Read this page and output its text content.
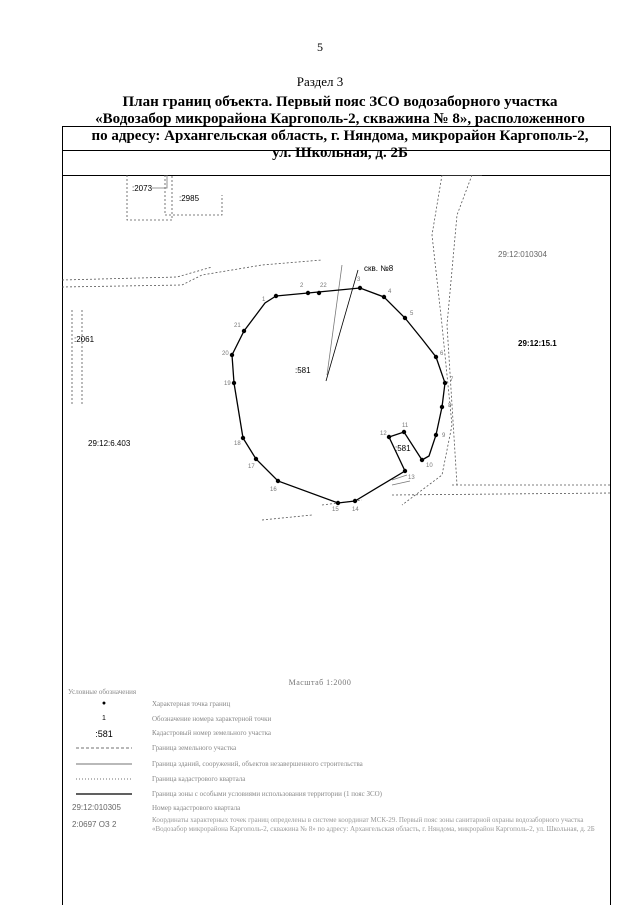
5
Раздел 3
План границ объекта. Первый пояс ЗСО водозаборного участка
«Водозабор микрорайона Каргополь-2, скважина № 8», расположенного
по адресу: Архангельская область, г. Няндома, микрорайон Каргополь-2,
ул. Школьная, д. 2Б
:2073
:2985
:2061
:581
:581
скв. №8
29:12:010304
29:12:15.1
29:12:6.403
1
2
3
4
5
6
7
8
9
10
11
12
13
14
15
16
17
18
19
20
21
22
Масштаб 1:2000
Условные обозначения
●	Характерная точка границ
1	Обозначение номера характерной точки
:581	Кадастровый номер земельного участка
Граница земельного участка
Граница зданий, сооружений, объектов незавершенного строительства
Граница кадастрового квартала
Граница зоны с особыми условиями использования территории (1 пояс ЗСО)
29:12:010305	Номер кадастрового квартала
2:0697 ОЗ 2	Координаты характерных точек границ определены в системе координат МСК-29. Первый пояс зоны санитарной охраны водозаборного участка «Водозабор микрорайона Каргополь-2, скважина № 8» по адресу: Архангельская область, г. Няндома, микрорайон Каргополь-2, ул. Школьная, д. 2Б
